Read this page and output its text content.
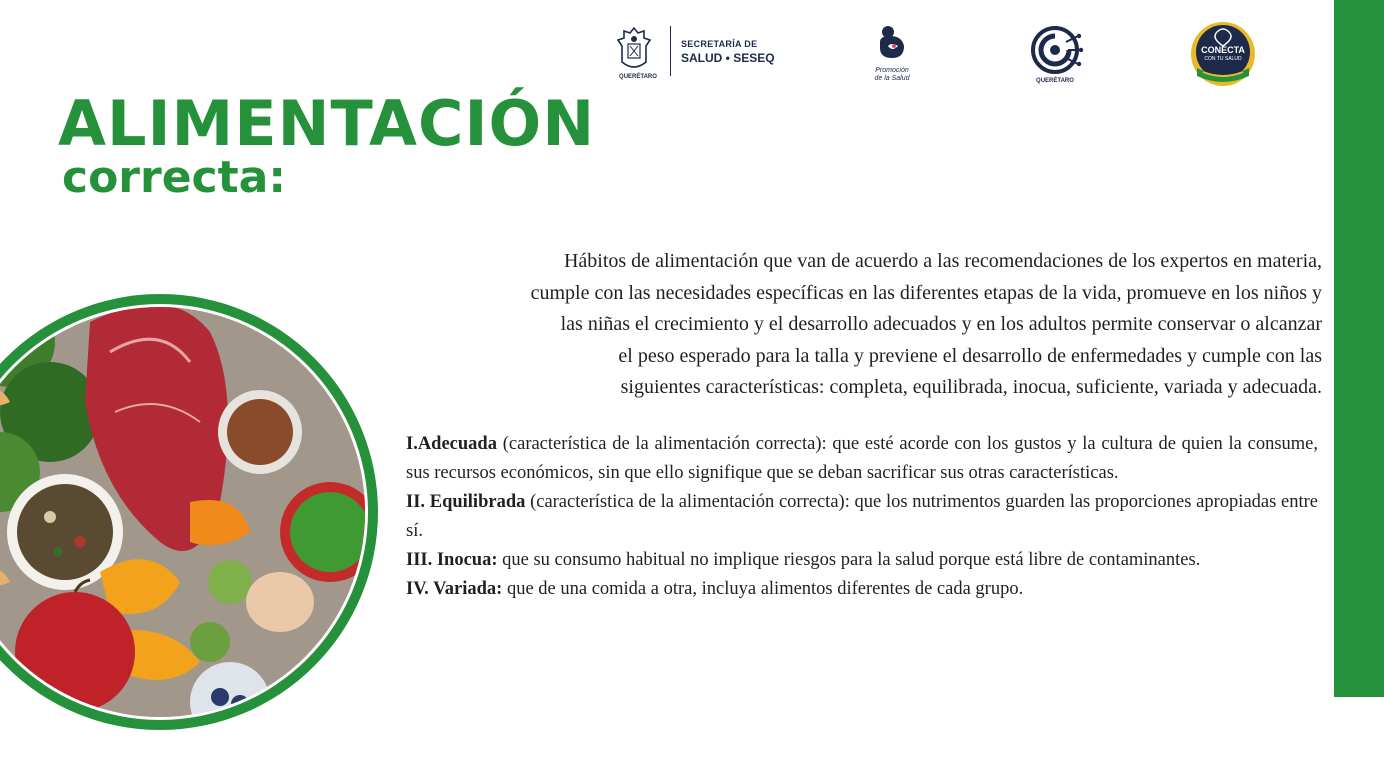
QUERÉTARO
SECRETARÍA DE
SALUD • SESEQ
Promoción
de la Salud	QUERÉTARO
CONECTA
CON TU SALUD
ALIMENTACIÓN
correcta:

Hábitos de alimentación que van de acuerdo a las recomendaciones de los expertos en materia,
cumple con las necesidades específicas en las diferentes etapas de la vida, promueve en los niños y
las niñas el crecimiento y el desarrollo adecuados y en los adultos permite conservar o alcanzar
el peso esperado para la talla y previene el desarrollo de enfermedades y cumple con las
siguientes características: completa, equilibrada, inocua, suficiente, variada y adecuada.

I.Adecuada (característica de la alimentación correcta): que esté acorde con los gustos y la cultura de quien la consume, sus recursos económicos, sin que ello signifique que se deban sacrificar sus otras características.
II. Equilibrada (característica de la alimentación correcta): que los nutrimentos guarden las proporciones apropiadas entre sí.
III. Inocua: que su consumo habitual no implique riesgos para la salud porque está libre de contaminantes.
IV. Variada: que de una comida a otra, incluya alimentos diferentes de cada grupo.
